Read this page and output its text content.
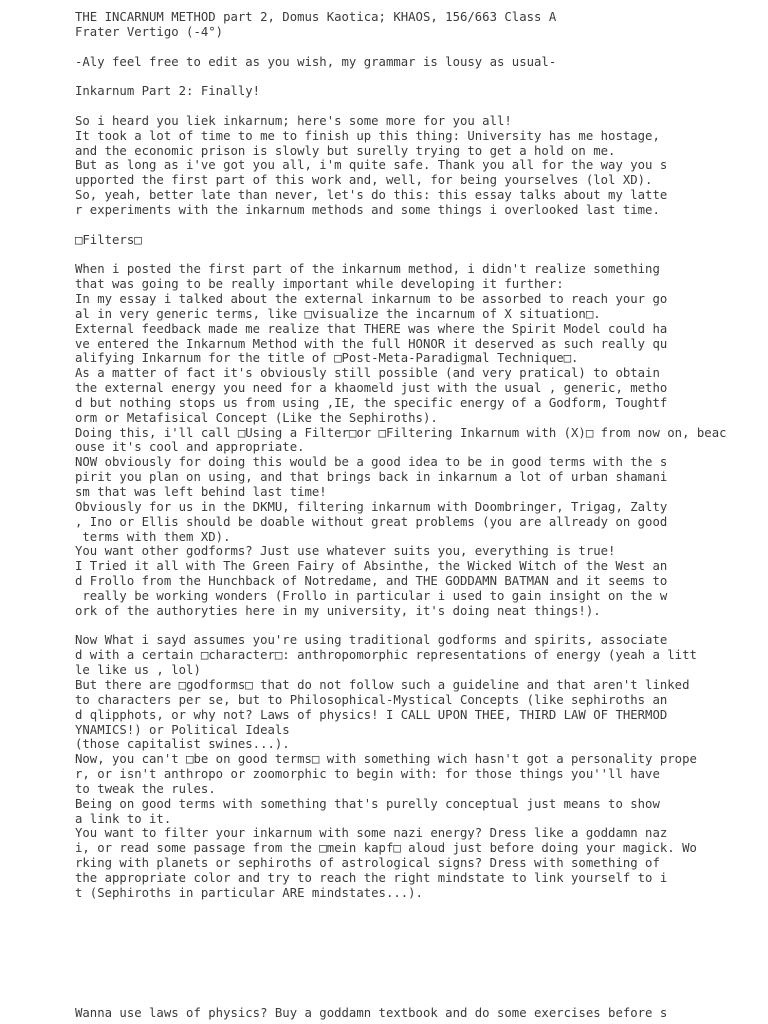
THE INCARNUM METHOD part 2, Domus Kaotica; KHAOS, 156/663 Class A
Frater Vertigo (-4°)
-Aly feel free to edit as you wish, my grammar is lousy as usual-
Inkarnum Part 2: Finally!
So i heard you liek inkarnum; here's some more for you all!
It took a lot of time to me to finish up this thing: University has me hostage,
and the economic prison is slowly but surelly trying to get a hold on me.
But as long as i've got you all, i'm quite safe. Thank you all for the way you s
upported the first part of this work and, well, for being yourselves (lol XD).
So, yeah, better late than never, let's do this: this essay talks about my latte
r experiments with the inkarnum methods and some things i overlooked last time.
□Filters□
When i posted the first part of the inkarnum method, i didn't realize something
that was going to be really important while developing it further:
In my essay i talked about the external inkarnum to be assorbed to reach your go
al in very generic terms, like □visualize the incarnum of X situation□.
External feedback made me realize that THERE was where the Spirit Model could ha
ve entered the Inkarnum Method with the full HONOR it deserved as such really qu
alifying Inkarnum for the title of □Post-Meta-Paradigmal Technique□.
As a matter of fact it's obviously still possible (and very pratical) to obtain
the external energy you need for a khaomeld just with the usual , generic, metho
d but nothing stops us from using ,IE, the specific energy of a Godform, Toughtf
orm or Metafisical Concept (Like the Sephiroths).
Doing this, i'll call □Using a Filter□or □Filtering Inkarnum with (X)□ from now on, beac
ouse it's cool and appropriate.
NOW obviously for doing this would be a good idea to be in good terms with the s
pirit you plan on using, and that brings back in inkarnum a lot of urban shamani
sm that was left behind last time!
Obviously for us in the DKMU, filtering inkarnum with Doombringer, Trigag, Zalty
, Ino or Ellis should be doable without great problems (you are allready on good
terms with them XD).
You want other godforms? Just use whatever suits you, everything is true!
I Tried it all with The Green Fairy of Absinthe, the Wicked Witch of the West an
d Frollo from the Hunchback of Notredame, and THE GODDAMN BATMAN and it seems to
really be working wonders (Frollo in particular i used to gain insight on the w
ork of the authoryties here in my university, it's doing neat things!).
Now What i sayd assumes you're using traditional godforms and spirits, associate
d with a certain □character□: anthropomorphic representations of energy (yeah a litt
le like us , lol)
But there are □godforms□ that do not follow such a guideline and that aren't linked
to characters per se, but to Philosophical-Mystical Concepts (like sephiroths an
d qlipphots, or why not? Laws of physics! I CALL UPON THEE, THIRD LAW OF THERMOD
YNAMICS!) or Political Ideals
(those capitalist swines...).
Now, you can't □be on good terms□ with something wich hasn't got a personality prope
r, or isn't anthropo or zoomorphic to begin with: for those things you''ll have
to tweak the rules.
Being on good terms with something that's purelly conceptual just means to show
a link to it.
You want to filter your inkarnum with some nazi energy? Dress like a goddamn naz
i, or read some passage from the □mein kapf□ aloud just before doing your magick. Wo
rking with planets or sephiroths of astrological signs? Dress with something of
the appropriate color and try to reach the right mindstate to link yourself to i
t (Sephiroths in particular ARE mindstates...).
Wanna use laws of physics? Buy a goddamn textbook and do some exercises before s
